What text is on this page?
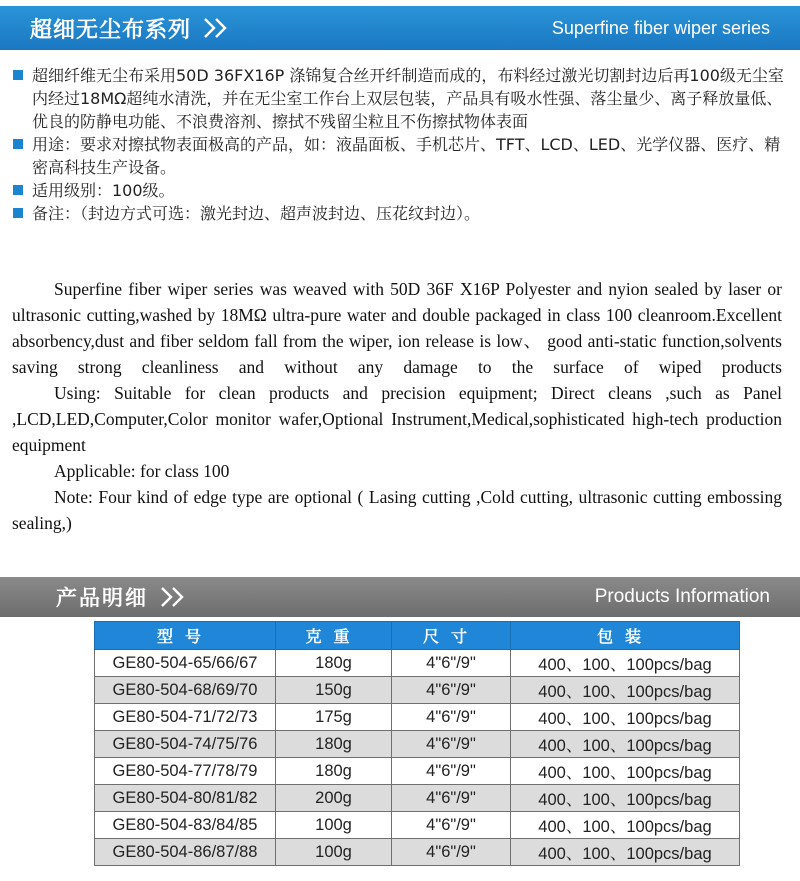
超细无尘布系列	Superfine fiber wiper series
超细纤维无尘布采用50D 36FX16P 涤锦复合丝开纤制造而成的，布料经过激光切割封边后再100级无尘室内经过18MΩ超纯水清洗，并在无尘室工作台上双层包装，产品具有吸水性强、落尘量少、离子释放量低、优良的防静电功能、不浪费溶剂、擦拭不残留尘粒且不伤擦拭物体表面
用途：要求对擦拭物表面极高的产品，如：液晶面板、手机芯片、TFT、LCD、LED、光学仪器、医疗、精密高科技生产设备。
适用级别：100级。
备注：（封边方式可选：激光封边、超声波封边、压花纹封边）。

Superfine fiber wiper series was weaved with 50D 36F X16P Polyester and nyion sealed by laser or ultrasonic cutting,washed by 18MΩ ultra-pure water and double packaged in class 100 cleanroom.Excellent absorbency,dust and fiber seldom fall from the wiper, ion release is low、 good anti-static function,solvents saving strong cleanliness and without any damage to the surface of wiped products

Using: Suitable for clean products and precision equipment; Direct cleans ,such as Panel ,LCD,LED,Computer,Color monitor wafer,Optional Instrument,Medical,sophisticated high-tech production equipment

Applicable: for class 100

Note: Four kind of edge type are optional ( Lasing cutting ,Cold cutting, ultrasonic cutting embossing sealing,)

产品明细	Products Information
型号	克重	尺寸	包装
GE80-504-65/66/67	180g	4"6"/9"	400、100、100pcs/bag
GE80-504-68/69/70	150g	4"6"/9"	400、100、100pcs/bag
GE80-504-71/72/73	175g	4"6"/9"	400、100、100pcs/bag
GE80-504-74/75/76	180g	4"6"/9"	400、100、100pcs/bag
GE80-504-77/78/79	180g	4"6"/9"	400、100、100pcs/bag
GE80-504-80/81/82	200g	4"6"/9"	400、100、100pcs/bag
GE80-504-83/84/85	100g	4"6"/9"	400、100、100pcs/bag
GE80-504-86/87/88	100g	4"6"/9"	400、100、100pcs/bag
